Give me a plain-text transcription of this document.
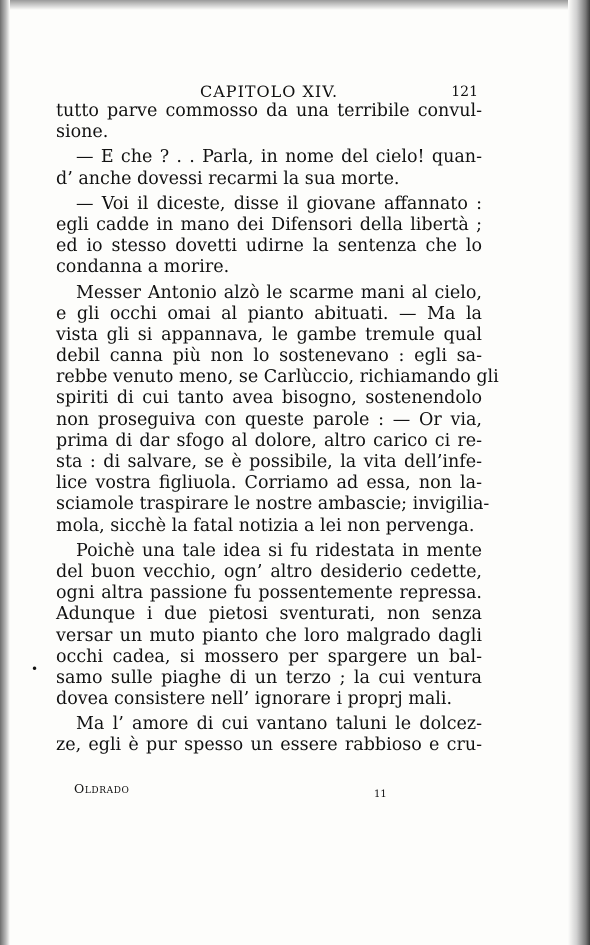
CAPITOLO XIV.	121
•
tutto parve commosso da una terribile convul-
sione.
— E che ? . . Parla, in nome del cielo! quan-
d’ anche dovessi recarmi la sua morte.
— Voi il diceste, disse il giovane affannato :
egli cadde in mano dei Difensori della libertà ;
ed io stesso dovetti udirne la sentenza che lo
condanna a morire.
Messer Antonio alzò le scarme mani al cielo,
e gli occhi omai al pianto abituati. — Ma la
vista gli si appannava, le gambe tremule qual
debil canna più non lo sostenevano : egli sa-
rebbe venuto meno, se Carlùccio, richiamando gli
spiriti di cui tanto avea bisogno, sostenendolo
non proseguiva con queste parole : — Or via,
prima di dar sfogo al dolore, altro carico ci re-
sta : di salvare, se è possibile, la vita dell’infe-
lice vostra figliuola. Corriamo ad essa, non la-
sciamole traspirare le nostre ambascie; invigilia-
mola, sicchè la fatal notizia a lei non pervenga.
Poichè una tale idea si fu ridestata in mente
del buon vecchio, ogn’ altro desiderio cedette,
ogni altra passione fu possentemente repressa.
Adunque i due pietosi sventurati, non senza
versar un muto pianto che loro malgrado dagli
occhi cadea, si mossero per spargere un bal-
samo sulle piaghe di un terzo ; la cui ventura
dovea consistere nell’ ignorare i proprj mali.
Ma l’ amore di cui vantano taluni le dolcez-
ze, egli è pur spesso un essere rabbioso e cru-
Oldrado	11
